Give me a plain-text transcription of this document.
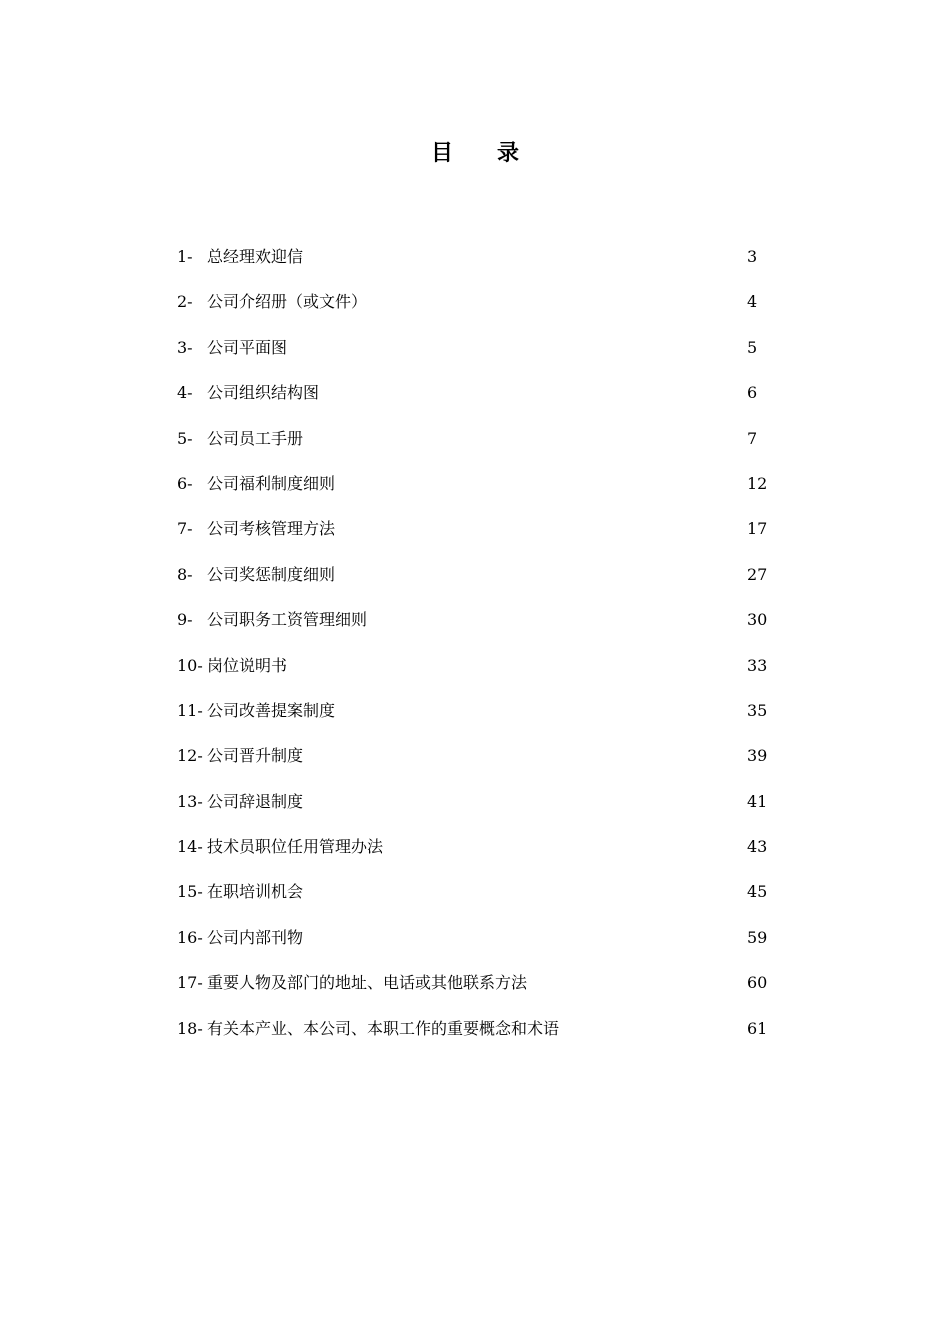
目 录
1- 总经理欢迎信	3
2- 公司介绍册（或文件）	4
3- 公司平面图	5
4- 公司组织结构图	6
5- 公司员工手册	7
6- 公司福利制度细则	12
7- 公司考核管理方法	17
8- 公司奖惩制度细则	27
9- 公司职务工资管理细则	30
10- 岗位说明书	33
11- 公司改善提案制度	35
12- 公司晋升制度	39
13- 公司辞退制度	41
14- 技术员职位任用管理办法	43
15- 在职培训机会	45
16- 公司内部刊物	59
17- 重要人物及部门的地址、电话或其他联系方法	60
18- 有关本产业、本公司、本职工作的重要概念和术语	61
